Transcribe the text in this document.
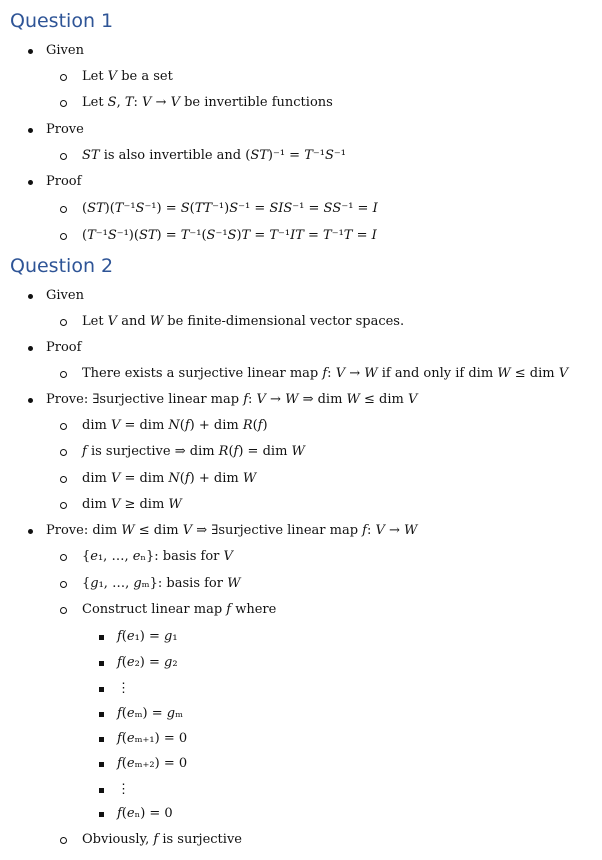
Question 1
Given
Let 𝑉 be a set
Let 𝑆, 𝑇: 𝑉 → 𝑉 be invertible functions
Prove
𝑆𝑇 is also invertible and (𝑆𝑇)⁻¹ = 𝑇⁻¹𝑆⁻¹
Proof
(𝑆𝑇)(𝑇⁻¹𝑆⁻¹) = 𝑆(𝑇𝑇⁻¹)𝑆⁻¹ = 𝑆𝐼𝑆⁻¹ = 𝑆𝑆⁻¹ = 𝐼
(𝑇⁻¹𝑆⁻¹)(𝑆𝑇) = 𝑇⁻¹(𝑆⁻¹𝑆)𝑇 = 𝑇⁻¹𝐼𝑇 = 𝑇⁻¹𝑇 = 𝐼
Question 2
Given
Let 𝑉 and 𝑊 be finite-dimensional vector spaces.
Proof
There exists a surjective linear map 𝑓: 𝑉 → 𝑊 if and only if dim 𝑊 ≤ dim 𝑉
Prove: ∃surjective linear map 𝑓: 𝑉 → 𝑊 ⇒ dim 𝑊 ≤ dim 𝑉
dim 𝑉 = dim 𝑁(𝑓) + dim 𝑅(𝑓)
𝑓 is surjective ⇒ dim 𝑅(𝑓) = dim 𝑊
dim 𝑉 = dim 𝑁(𝑓) + dim 𝑊
dim 𝑉 ≥ dim 𝑊
Prove: dim 𝑊 ≤ dim 𝑉 ⇒ ∃surjective linear map 𝑓: 𝑉 → 𝑊
{𝑒₁, …, 𝑒ₙ}: basis for 𝑉
{𝑔₁, …, 𝑔ₘ}: basis for 𝑊
Construct linear map 𝑓 where
𝑓(𝑒₁) = 𝑔₁
𝑓(𝑒₂) = 𝑔₂
⋮
𝑓(𝑒ₘ) = 𝑔ₘ
𝑓(𝑒ₘ₊₁) = 0
𝑓(𝑒ₘ₊₂) = 0
⋮
𝑓(𝑒ₙ) = 0
Obviously, 𝑓 is surjective
